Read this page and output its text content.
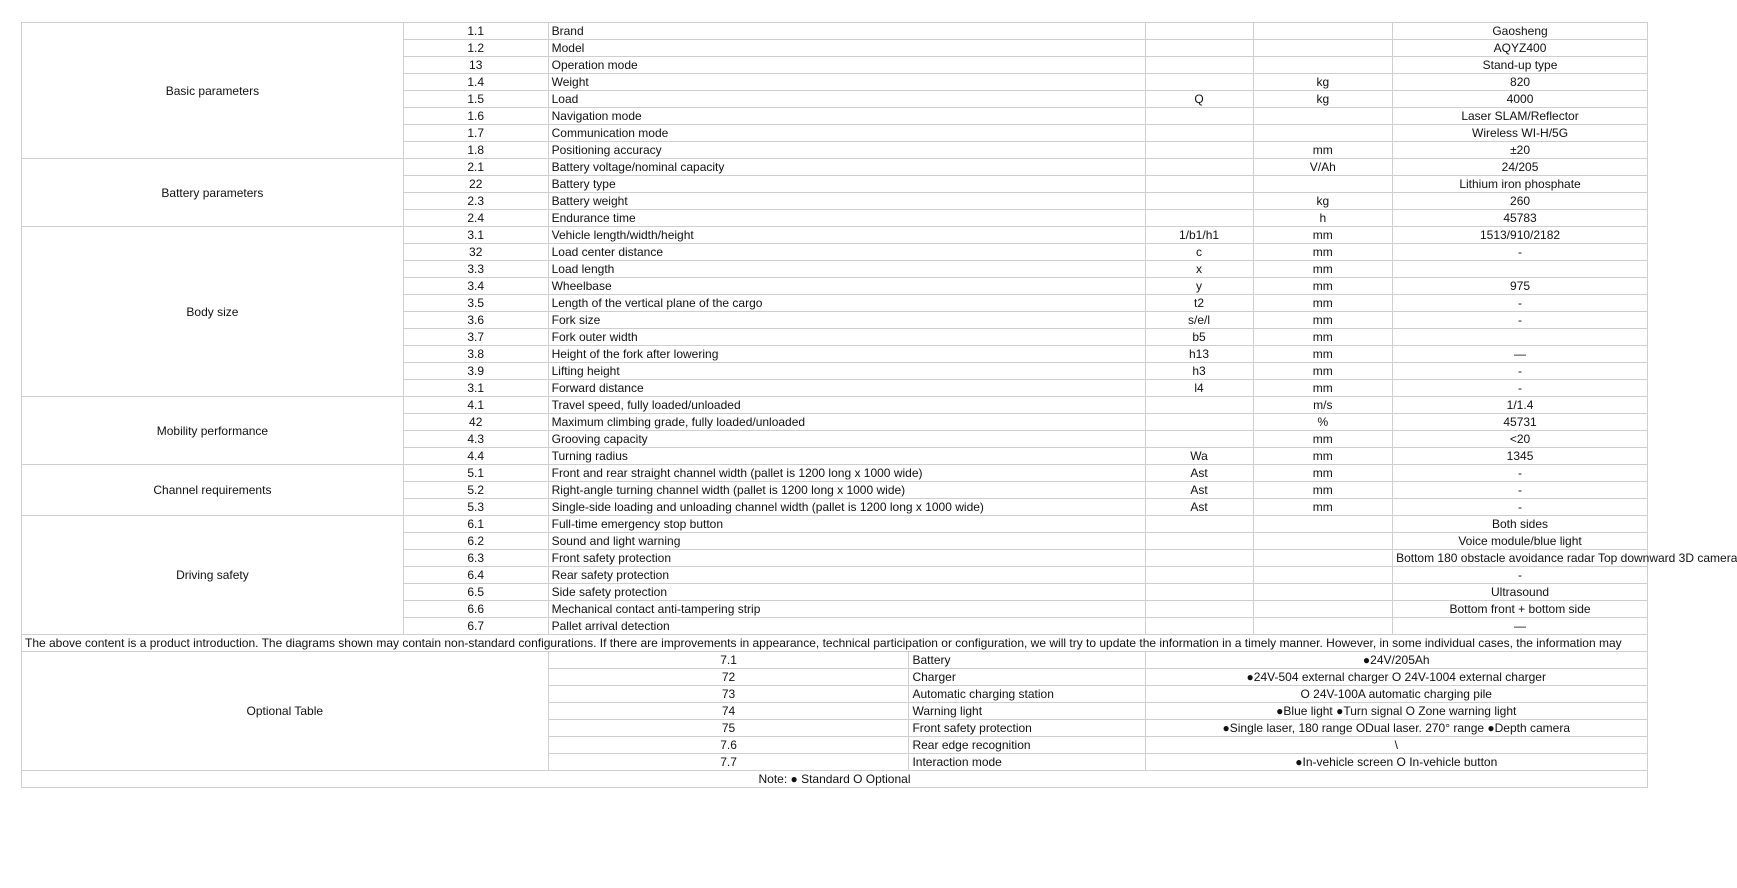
Basic parameters	1.1	Brand				Gaosheng
	1.2	Model				AQYZ400
	13	Operation mode				Stand-up type
	1.4	Weight			kg	820
	1.5	Load		Q	kg	4000
	1.6	Navigation mode				Laser SLAM/Reflector
	1.7	Communication mode				Wireless WI-H/5G
	1.8	Positioning accuracy			mm	±20
Battery parameters	2.1	Battery voltage/nominal capacity			V/Ah	24/205
	22	Battery type				Lithium iron phosphate
	2.3	Battery weight			kg	260
	2.4	Endurance time			h	45783
Body size	3.1	Vehicle length/width/height		1/b1/h1	mm	1513/910/2182
	32	Load center distance		c	mm	-
	3.3	Load length		x	mm	
	3.4	Wheelbase		y	mm	975
	3.5	Length of the vertical plane of the cargo		t2	mm	-
	3.6	Fork size		s/e/l	mm	-
	3.7	Fork outer width		b5	mm	
	3.8	Height of the fork after lowering		h13	mm	—
	3.9	Lifting height		h3	mm	-
	3.1	Forward distance		l4	mm	-
Mobility performance	4.1	Travel speed, fully loaded/unloaded			m/s	1/1.4
	42	Maximum climbing grade, fully loaded/unloaded			%	45731
	4.3	Grooving capacity			mm	<20
	4.4	Turning radius		Wa	mm	1345
Channel requirements	5.1	Front and rear straight channel width (pallet is 1200 long x 1000 wide)		Ast	mm	-
	5.2	Right-angle turning channel width (pallet is 1200 long x 1000 wide)		Ast	mm	-
	5.3	Single-side loading and unloading channel width (pallet is 1200 long x 1000 wide)		Ast	mm	-
Driving safety	6.1	Full-time emergency stop button				Both sides
	6.2	Sound and light warning				Voice module/blue light
	6.3	Front safety protection				Bottom 180 obstacle avoidance radar Top downward 3D camera
	6.4	Rear safety protection				-
	6.5	Side safety protection				Ultrasound
	6.6	Mechanical contact anti-tampering strip				Bottom front + bottom side
	6.7	Pallet arrival detection				—
The above content is a product introduction. The diagrams shown may contain non-standard configurations. If there are improvements in appearance, technical participation or configuration, we will try to update the information in a timely manner. However, in some individual cases, the information may						
Optional Table		7.1	Battery	●24V/205Ah		
		72	Charger	●24V-504 external charger O 24V-1004 external charger		
		73	Automatic charging station	O 24V-100A automatic charging pile		
		74	Warning light	●Blue light ●Turn signal O Zone warning light		
		75	Front safety protection	●Single laser, 180 range ODual laser. 270° range ●Depth camera		
		7.6	Rear edge recognition	\		
		7.7	Interaction mode	●In-vehicle screen O In-vehicle button		
Note: ● Standard O Optional						
